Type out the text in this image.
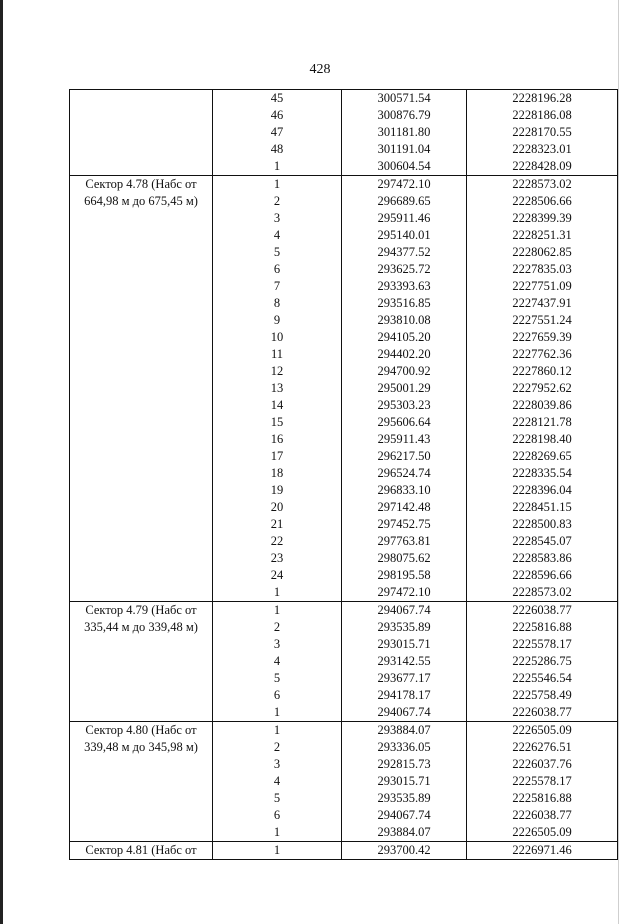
428
	45	300571.54	2228196.28
	46	300876.79	2228186.08
	47	301181.80	2228170.55
	48	301191.04	2228323.01
	1	300604.54	2228428.09

Сектор 4.78 (Набс от
664,98 м до 675,45 м)	1	297472.10	2228573.02
	2	296689.65	2228506.66
	3	295911.46	2228399.39
	4	295140.01	2228251.31
	5	294377.52	2228062.85
	6	293625.72	2227835.03
	7	293393.63	2227751.09
	8	293516.85	2227437.91
	9	293810.08	2227551.24
	10	294105.20	2227659.39
	11	294402.20	2227762.36
	12	294700.92	2227860.12
	13	295001.29	2227952.62
	14	295303.23	2228039.86
	15	295606.64	2228121.78
	16	295911.43	2228198.40
	17	296217.50	2228269.65
	18	296524.74	2228335.54
	19	296833.10	2228396.04
	20	297142.48	2228451.15
	21	297452.75	2228500.83
	22	297763.81	2228545.07
	23	298075.62	2228583.86
	24	298195.58	2228596.66
	1	297472.10	2228573.02

Сектор 4.79 (Набс от
335,44 м до 339,48 м)	1	294067.74	2226038.77
	2	293535.89	2225816.88
	3	293015.71	2225578.17
	4	293142.55	2225286.75
	5	293677.17	2225546.54
	6	294178.17	2225758.49
	1	294067.74	2226038.77

Сектор 4.80 (Набс от
339,48 м до 345,98 м)	1	293884.07	2226505.09
	2	293336.05	2226276.51
	3	292815.73	2226037.76
	4	293015.71	2225578.17
	5	293535.89	2225816.88
	6	294067.74	2226038.77
	1	293884.07	2226505.09

Сектор 4.81 (Набс от	1	293700.42	2226971.46
